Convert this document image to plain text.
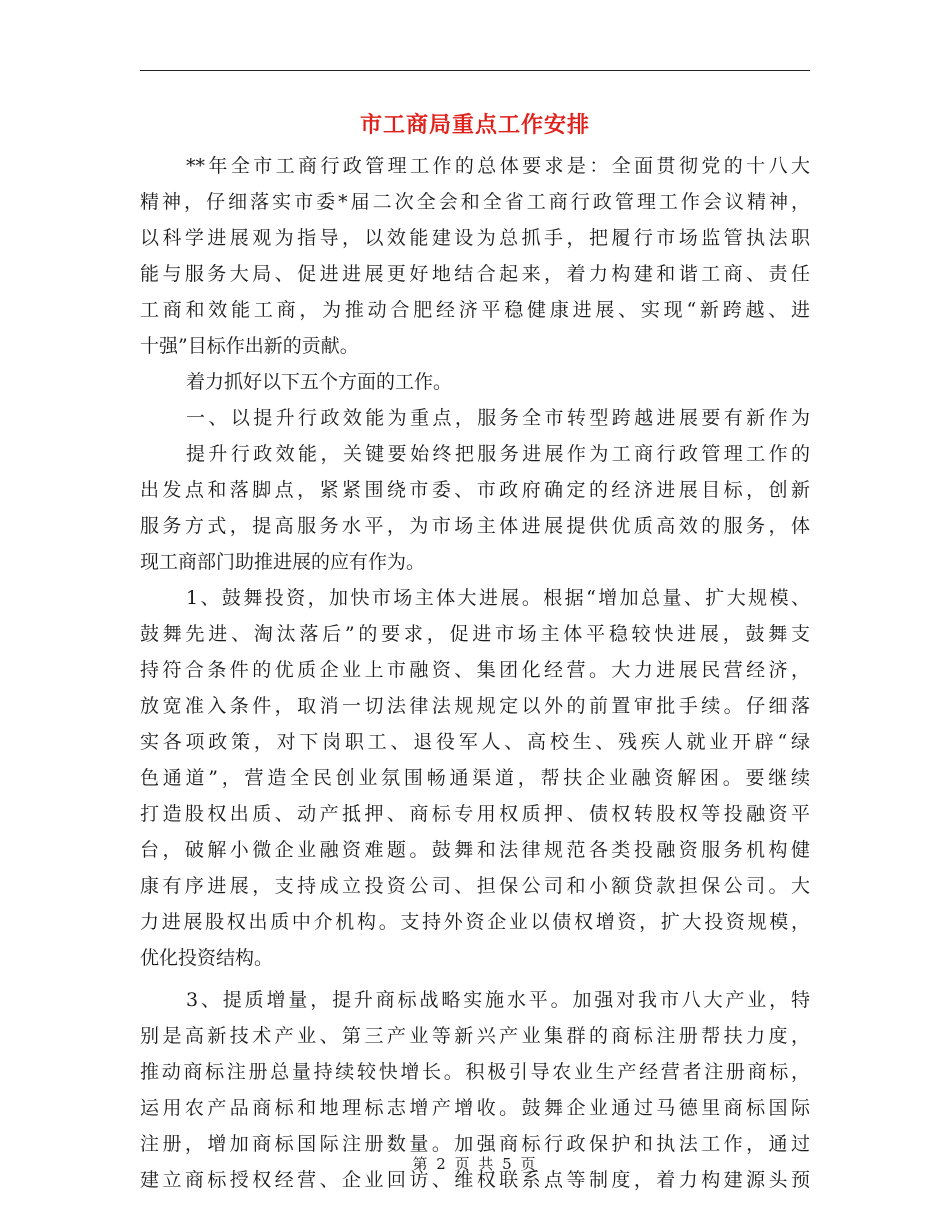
市工商局重点工作安排
**年全市工商行政管理工作的总体要求是：全面贯彻党的十八大
精神，仔细落实市委*届二次全会和全省工商行政管理工作会议精神，
以科学进展观为指导，以效能建设为总抓手，把履行市场监管执法职
能与服务大局、促进进展更好地结合起来，着力构建和谐工商、责任
工商和效能工商，为推动合肥经济平稳健康进展、实现“新跨越、进
十强”目标作出新的贡献。
着力抓好以下五个方面的工作。
一、以提升行政效能为重点，服务全市转型跨越进展要有新作为
提升行政效能，关键要始终把服务进展作为工商行政管理工作的
出发点和落脚点，紧紧围绕市委、市政府确定的经济进展目标，创新
服务方式，提高服务水平，为市场主体进展提供优质高效的服务，体
现工商部门助推进展的应有作为。
1、鼓舞投资，加快市场主体大进展。根据“增加总量、扩大规模、
鼓舞先进、淘汰落后”的要求，促进市场主体平稳较快进展，鼓舞支
持符合条件的优质企业上市融资、集团化经营。大力进展民营经济，
放宽准入条件，取消一切法律法规规定以外的前置审批手续。仔细落
实各项政策，对下岗职工、退役军人、高校生、残疾人就业开辟“绿
色通道”，营造全民创业氛围畅通渠道，帮扶企业融资解困。要继续
打造股权出质、动产抵押、商标专用权质押、债权转股权等投融资平
台，破解小微企业融资难题。鼓舞和法律规范各类投融资服务机构健
康有序进展，支持成立投资公司、担保公司和小额贷款担保公司。大
力进展股权出质中介机构。支持外资企业以债权增资，扩大投资规模，
优化投资结构。
3、提质增量，提升商标战略实施水平。加强对我市八大产业，特
别是高新技术产业、第三产业等新兴产业集群的商标注册帮扶力度，
推动商标注册总量持续较快增长。积极引导农业生产经营者注册商标，
运用农产品商标和地理标志增产增收。鼓舞企业通过马德里商标国际
注册，增加商标国际注册数量。加强商标行政保护和执法工作，通过
建立商标授权经营、企业回访、维权联系点等制度，着力构建源头预
第 2 页 共 5 页
